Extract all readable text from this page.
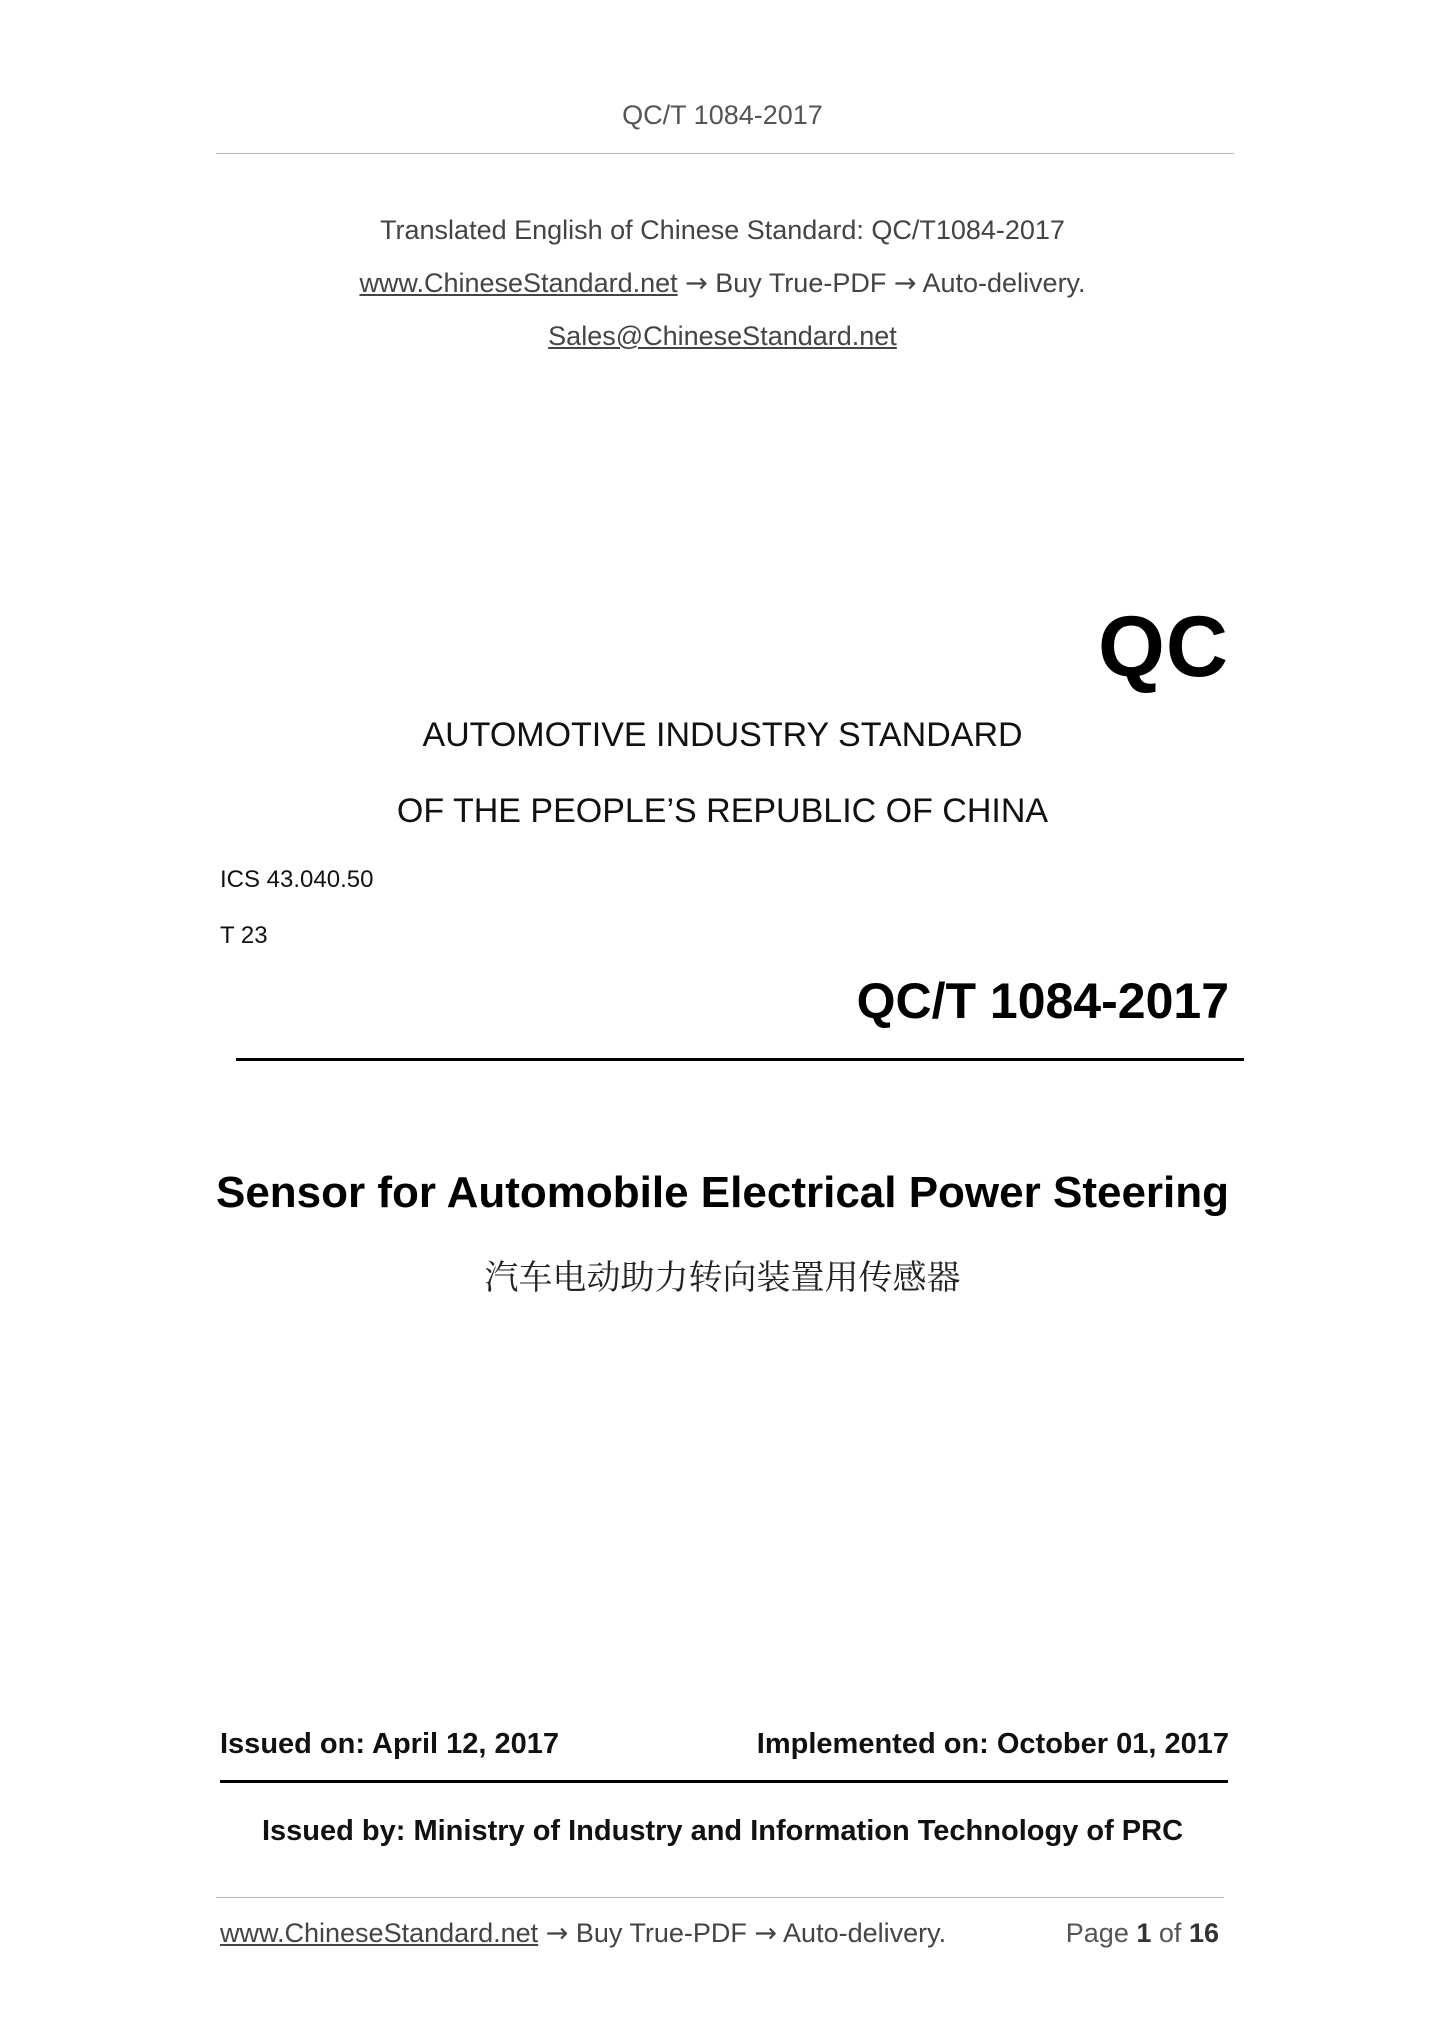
QC/T 1084-2017
Translated English of Chinese Standard: QC/T1084-2017
www.ChineseStandard.net → Buy True-PDF → Auto-delivery.
Sales@ChineseStandard.net
QC
AUTOMOTIVE INDUSTRY STANDARD
OF THE PEOPLE’S REPUBLIC OF CHINA
ICS 43.040.50
T 23
QC/T 1084-2017
Sensor for Automobile Electrical Power Steering
汽车电动助力转向装置用传感器
Issued on: April 12, 2017	Implemented on: October 01, 2017
Issued by: Ministry of Industry and Information Technology of PRC
www.ChineseStandard.net → Buy True-PDF → Auto-delivery.	Page 1 of 16
